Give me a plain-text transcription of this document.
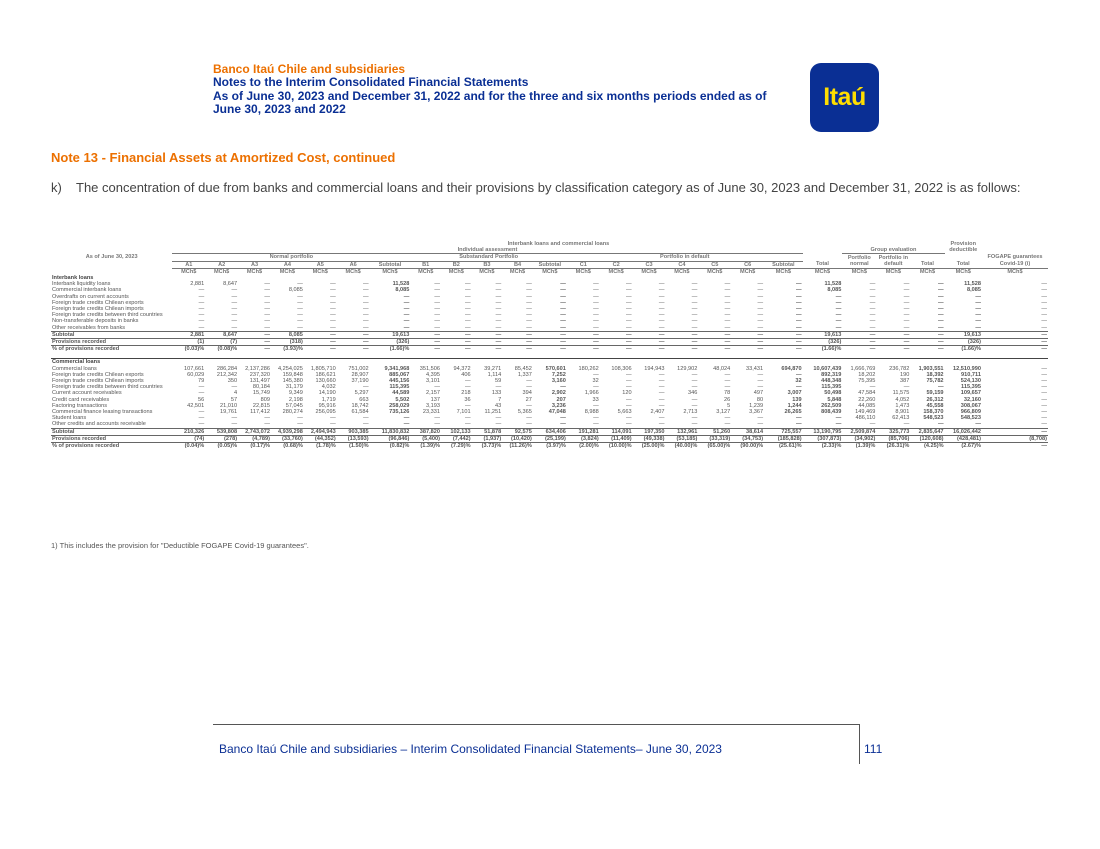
Banco Itaú Chile and subsidiaries
Notes to the Interim Consolidated Financial Statements
As of June 30, 2023 and December 31, 2022 and for the three and six months periods ended as of
June 30, 2023 and 2022	Itaú
Note 13 - Financial Assets at Amortized Cost, continued
k)	The concentration of due from banks and commercial loans and their provisions by classification category as of June 30, 2023 and December 31, 2022 is as follows:
	Interbank loans and commercial loans																							Provision	
	Individual assessment																				Group evaluation			deductible	
As of June 30, 2023	Normal portfolio							Substandard Portfolio					Portfolio in default								Portfolio	Portfolio in			FOGAPE guarantees
	A1	A2	A3	A4	A5	A6	Subtotal	B1	B2	B3	B4	Subtotal	C1	C2	C3	C4	C5	C6	Subtotal	Total	normal	default	Total	Total	Covid-19 (i)
	MCh$	MCh$	MCh$	MCh$	MCh$	MCh$	MCh$	MCh$	MCh$	MCh$	MCh$	MCh$	MCh$	MCh$	MCh$	MCh$	MCh$	MCh$	MCh$	MCh$	MCh$	MCh$	MCh$	MCh$	MCh$
Interbank loans																									
Interbank liquidity loans	2,881	8,647	—	—	—	—	11,528	—	—	—	—	—	—	—	—	—	—	—	—	11,528	—	—	—	11,528	—
Commercial interbank loans	—	—	—	8,085	—	—	8,085	—	—	—	—	—	—	—	—	—	—	—	—	8,085	—	—	—	8,085	—
Overdrafts on current accounts	—	—	—	—	—	—	—	—	—	—	—	—	—	—	—	—	—	—	—	—	—	—	—	—	—
Foreign trade credits Chilean exports	—	—	—	—	—	—	—	—	—	—	—	—	—	—	—	—	—	—	—	—	—	—	—	—	—
Foreign trade credits Chilean imports	—	—	—	—	—	—	—	—	—	—	—	—	—	—	—	—	—	—	—	—	—	—	—	—	—
Foreign trade credits between third countries	—	—	—	—	—	—	—	—	—	—	—	—	—	—	—	—	—	—	—	—	—	—	—	—	—
Non-transferable deposits in banks	—	—	—	—	—	—	—	—	—	—	—	—	—	—	—	—	—	—	—	—	—	—	—	—	—
Other receivables from banks	—	—	—	—	—	—	—	—	—	—	—	—	—	—	—	—	—	—	—	—	—	—	—	—	—
Subtotal	2,881	8,647	—	8,085	—	—	19,613	—	—	—	—	—	—	—	—	—	—	—	—	19,613	—	—	—	19,613	—
Provisions recorded	(1)	(7)	—	(318)	—	—	(326)	—	—	—	—	—	—	—	—	—	—	—	—	(326)	—	—	—	(326)	—
% of provisions recorded	(0.03)%	(0.08)%	—	(3.93)%	—	—	(1.66)%	—	—	—	—	—	—	—	—	—	—	—	—	(1.66)%	—	—	—	(1.66)%	—

Commercial loans																									
Commercial loans	107,661	286,284	2,137,286	4,254,025	1,805,710	751,002	9,341,968	351,506	94,372	39,271	85,452	570,601	180,262	108,306	194,943	129,902	48,024	33,431	694,870	10,607,439	1,666,769	236,782	1,903,551	12,510,990	—
Foreign trade credits Chilean exports	60,029	212,342	237,320	159,848	186,621	28,907	885,067	4,395	406	1,114	1,337	7,252	—	—	—	—	—	—	—	892,319	18,202	190	18,392	910,711	—
Foreign trade credits Chilean imports	79	350	131,497	145,380	130,660	37,190	445,156	3,101	—	59	—	3,160	32	—	—	—	—	—	32	448,348	75,395	387	75,782	524,130	—
Foreign trade credits between third countries	—	—	80,184	31,179	4,032	—	115,395	—	—	—	—	—	—	—	—	—	—	—	—	115,395	—	—	—	115,395	—
Current account receivables	—	4	15,749	9,349	14,190	5,297	44,589	2,157	218	133	394	2,902	1,966	120	—	346	78	497	3,007	50,498	47,584	11,575	59,159	109,657	—
Credit card receivables	56	57	809	2,198	1,719	663	5,502	137	36	7	27	207	33	—	—	—	26	80	139	5,848	22,260	4,052	26,312	32,160	—
Factoring transactions	42,501	21,010	22,815	57,045	95,916	18,742	258,029	3,193	—	43	—	3,236	—	—	—	—	5	1,239	1,244	262,509	44,085	1,473	45,558	308,067	—
Commercial finance leasing transactions	—	19,761	117,412	280,274	256,095	61,584	735,126	23,331	7,101	11,251	5,365	47,048	8,988	5,663	2,407	2,713	3,127	3,367	26,265	808,439	149,469	8,901	158,370	966,809	—
Student loans	—	—	—	—	—	—	—	—	—	—	—	—	—	—	—	—	—	—	—	—	486,110	62,413	548,523	548,523	—
Other credits and accounts receivable	—	—	—	—	—	—	—	—	—	—	—	—	—	—	—	—	—	—	—	—	—	—	—	—	—
Subtotal	210,326	539,808	2,743,072	4,939,298	2,494,943	903,385	11,830,832	387,820	102,133	51,878	92,575	634,406	191,281	114,091	197,350	132,961	51,260	38,614	725,557	13,190,795	2,509,874	325,773	2,835,647	16,026,442	—
Provisions recorded	(74)	(278)	(4,789)	(33,760)	(44,352)	(13,593)	(96,846)	(5,400)	(7,442)	(1,937)	(10,420)	(25,199)	(3,824)	(11,409)	(49,338)	(53,185)	(33,319)	(34,753)	(185,828)	(307,873)	(34,902)	(85,706)	(120,608)	(428,481)	(8,708)
% of provisions recorded	(0.04)%	(0.05)%	(0.17)%	(0.68)%	(1.78)%	(1.50)%	(0.82)%	(1.39)%	(7.29)%	(3.73)%	(11.26)%	(3.97)%	(2.00)%	(10.00)%	(25.00)%	(40.00)%	(65.00)%	(90.00)%	(25.61)%	(2.33)%	(1.39)%	(26.31)%	(4.25)%	(2.67)%	—
1) This includes the provision for "Deductible FOGAPE Covid-19 guarantees".
Banco Itaú Chile and subsidiaries – Interim Consolidated Financial Statements– June 30, 2023	111
